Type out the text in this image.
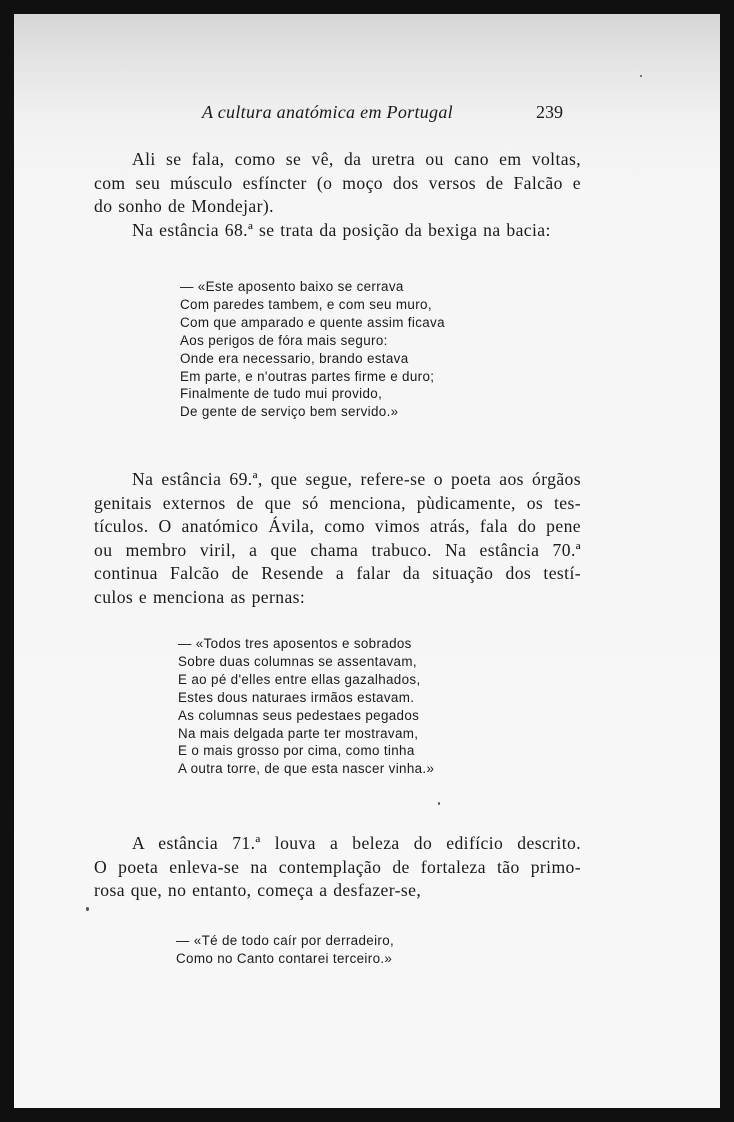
A cultura anatómica em Portugal	239

Ali se fala, como se vê, da uretra ou cano em voltas,
com seu músculo esfíncter (o moço dos versos de Falcão e
do sonho de Mondejar).

Na estância 68.ª se trata da posição da bexiga na bacia:

— «Este aposento baixo se cerrava
Com paredes tambem, e com seu muro,
Com que amparado e quente assim ficava
Aos perigos de fóra mais seguro:
Onde era necessario, brando estava
Em parte, e n'outras partes firme e duro;
Finalmente de tudo mui provido,
De gente de serviço bem servido.»

Na estância 69.ª, que segue, refere-se o poeta aos órgãos
genitais externos de que só menciona, pùdicamente, os tes-
tículos. O anatómico Ávila, como vimos atrás, fala do pene
ou membro viril, a que chama trabuco. Na estância 70.ª
continua Falcão de Resende a falar da situação dos testí-
culos e menciona as pernas:

— «Todos tres aposentos e sobrados
Sobre duas columnas se assentavam,
E ao pé d'elles entre ellas gazalhados,
Estes dous naturaes irmãos estavam.
As columnas seus pedestaes pegados
Na mais delgada parte ter mostravam,
E o mais grosso por cima, como tinha
A outra torre, de que esta nascer vinha.»

A estância 71.ª louva a beleza do edifício descrito.
O poeta enleva-se na contemplação de fortaleza tão primo-
rosa que, no entanto, começa a desfazer-se,

— «Té de todo caír por derradeiro,
Como no Canto contarei terceiro.»
